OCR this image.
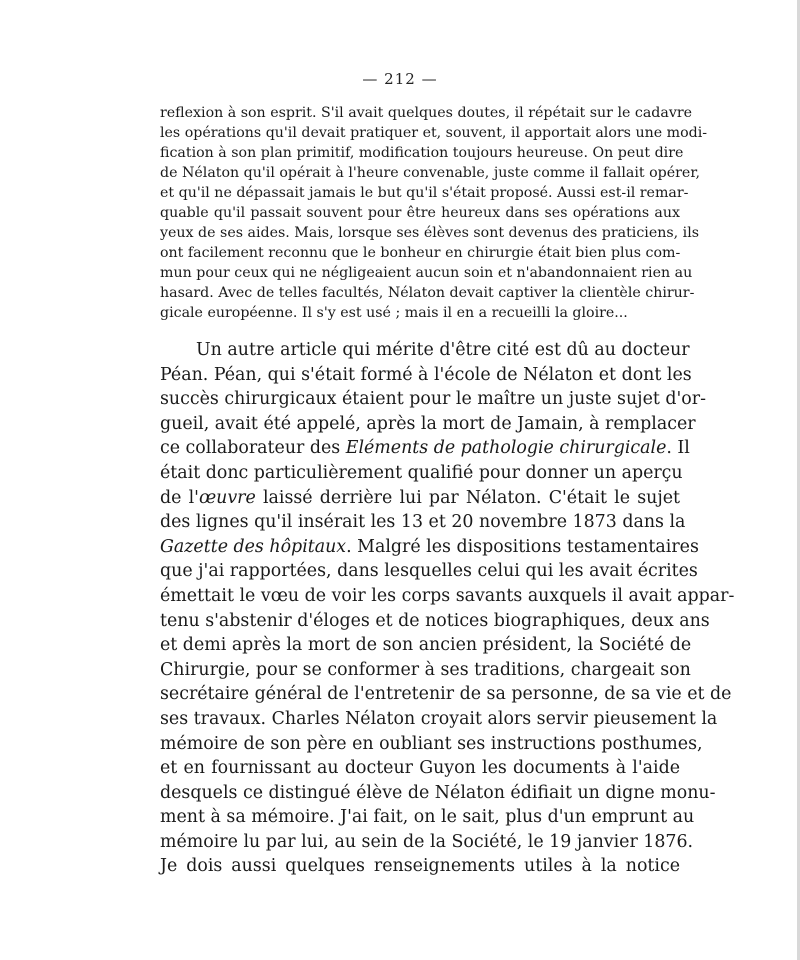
— 212 —
reflexion à son esprit. S'il avait quelques doutes, il répétait sur le cadavre
les opérations qu'il devait pratiquer et, souvent, il apportait alors une modi-
fication à son plan primitif, modification toujours heureuse. On peut dire
de Nélaton qu'il opérait à l'heure convenable, juste comme il fallait opérer,
et qu'il ne dépassait jamais le but qu'il s'était proposé. Aussi est-il remar-
quable qu'il passait souvent pour être heureux dans ses opérations aux
yeux de ses aides. Mais, lorsque ses élèves sont devenus des praticiens, ils
ont facilement reconnu que le bonheur en chirurgie était bien plus com-
mun pour ceux qui ne négligeaient aucun soin et n'abandonnaient rien au
hasard. Avec de telles facultés, Nélaton devait captiver la clientèle chirur-
gicale européenne. Il s'y est usé ; mais il en a recueilli la gloire...
Un autre article qui mérite d'être cité est dû au docteur
Péan. Péan, qui s'était formé à l'école de Nélaton et dont les
succès chirurgicaux étaient pour le maître un juste sujet d'or-
gueil, avait été appelé, après la mort de Jamain, à remplacer
ce collaborateur des Eléments de pathologie chirurgicale. Il
était donc particulièrement qualifié pour donner un aperçu
de l'œuvre laissé derrière lui par Nélaton. C'était le sujet
des lignes qu'il insérait les 13 et 20 novembre 1873 dans la
Gazette des hôpitaux. Malgré les dispositions testamentaires
que j'ai rapportées, dans lesquelles celui qui les avait écrites
émettait le vœu de voir les corps savants auxquels il avait appar-
tenu s'abstenir d'éloges et de notices biographiques, deux ans
et demi après la mort de son ancien président, la Société de
Chirurgie, pour se conformer à ses traditions, chargeait son
secrétaire général de l'entretenir de sa personne, de sa vie et de
ses travaux. Charles Nélaton croyait alors servir pieusement la
mémoire de son père en oubliant ses instructions posthumes,
et en fournissant au docteur Guyon les documents à l'aide
desquels ce distingué élève de Nélaton édifiait un digne monu-
ment à sa mémoire. J'ai fait, on le sait, plus d'un emprunt au
mémoire lu par lui, au sein de la Société, le 19 janvier 1876.
Je dois aussi quelques renseignements utiles à la notice
